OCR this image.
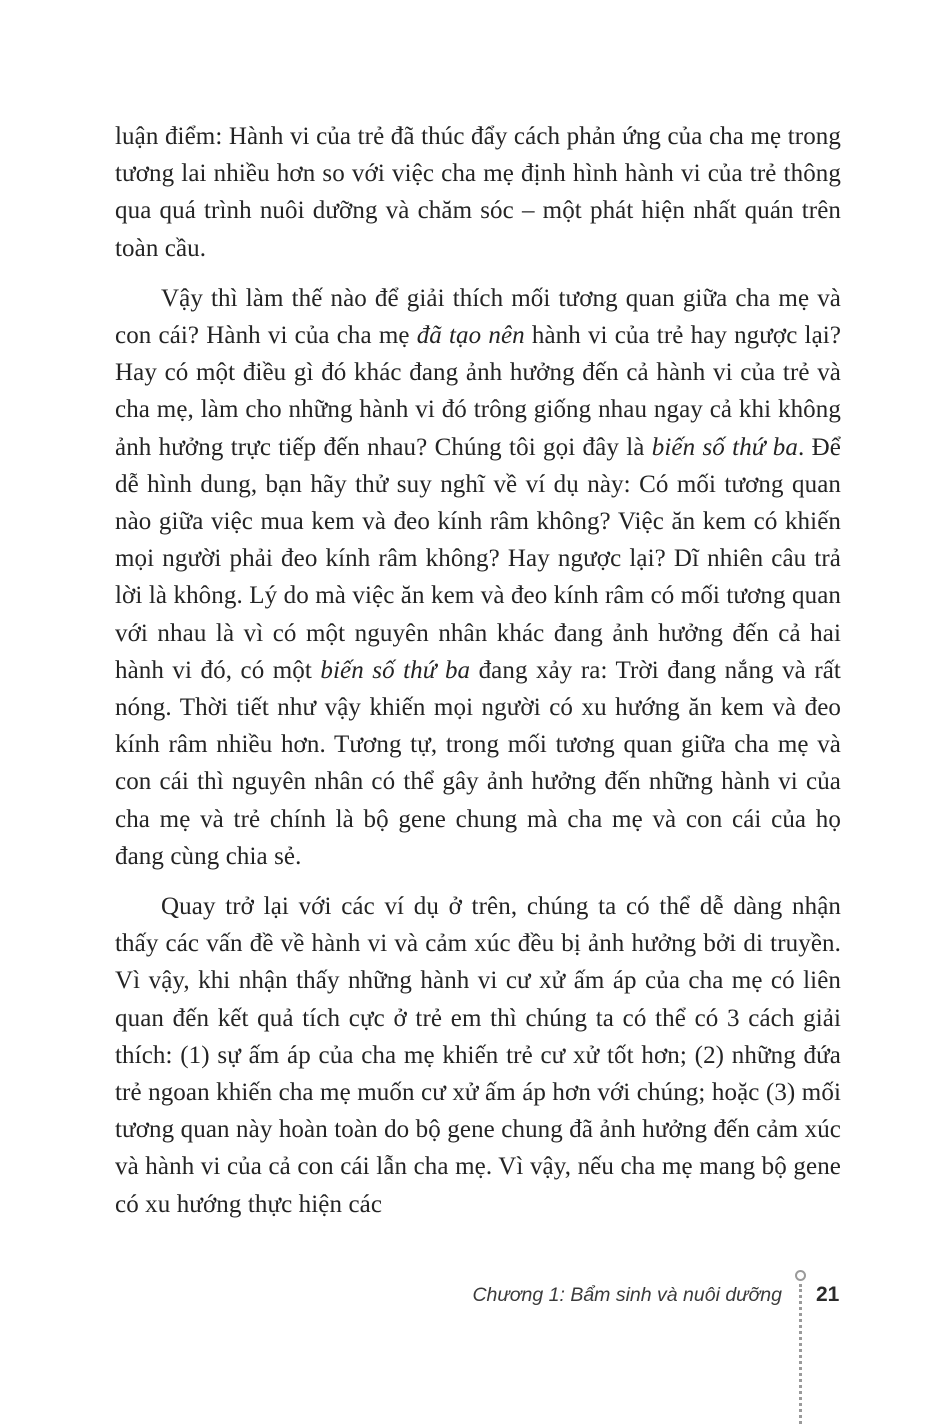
luận điểm: Hành vi của trẻ đã thúc đẩy cách phản ứng của cha mẹ trong tương lai nhiều hơn so với việc cha mẹ định hình hành vi của trẻ thông qua quá trình nuôi dưỡng và chăm sóc – một phát hiện nhất quán trên toàn cầu.

Vậy thì làm thế nào để giải thích mối tương quan giữa cha mẹ và con cái? Hành vi của cha mẹ đã tạo nên hành vi của trẻ hay ngược lại? Hay có một điều gì đó khác đang ảnh hưởng đến cả hành vi của trẻ và cha mẹ, làm cho những hành vi đó trông giống nhau ngay cả khi không ảnh hưởng trực tiếp đến nhau? Chúng tôi gọi đây là biến số thứ ba. Để dễ hình dung, bạn hãy thử suy nghĩ về ví dụ này: Có mối tương quan nào giữa việc mua kem và đeo kính râm không? Việc ăn kem có khiến mọi người phải đeo kính râm không? Hay ngược lại? Dĩ nhiên câu trả lời là không. Lý do mà việc ăn kem và đeo kính râm có mối tương quan với nhau là vì có một nguyên nhân khác đang ảnh hưởng đến cả hai hành vi đó, có một biến số thứ ba đang xảy ra: Trời đang nắng và rất nóng. Thời tiết như vậy khiến mọi người có xu hướng ăn kem và đeo kính râm nhiều hơn. Tương tự, trong mối tương quan giữa cha mẹ và con cái thì nguyên nhân có thể gây ảnh hưởng đến những hành vi của cha mẹ và trẻ chính là bộ gene chung mà cha mẹ và con cái của họ đang cùng chia sẻ.

Quay trở lại với các ví dụ ở trên, chúng ta có thể dễ dàng nhận thấy các vấn đề về hành vi và cảm xúc đều bị ảnh hưởng bởi di truyền. Vì vậy, khi nhận thấy những hành vi cư xử ấm áp của cha mẹ có liên quan đến kết quả tích cực ở trẻ em thì chúng ta có thể có 3 cách giải thích: (1) sự ấm áp của cha mẹ khiến trẻ cư xử tốt hơn; (2) những đứa trẻ ngoan khiến cha mẹ muốn cư xử ấm áp hơn với chúng; hoặc (3) mối tương quan này hoàn toàn do bộ gene chung đã ảnh hưởng đến cảm xúc và hành vi của cả con cái lẫn cha mẹ. Vì vậy, nếu cha mẹ mang bộ gene có xu hướng thực hiện các

Chương 1: Bẩm sinh và nuôi dưỡng 21
